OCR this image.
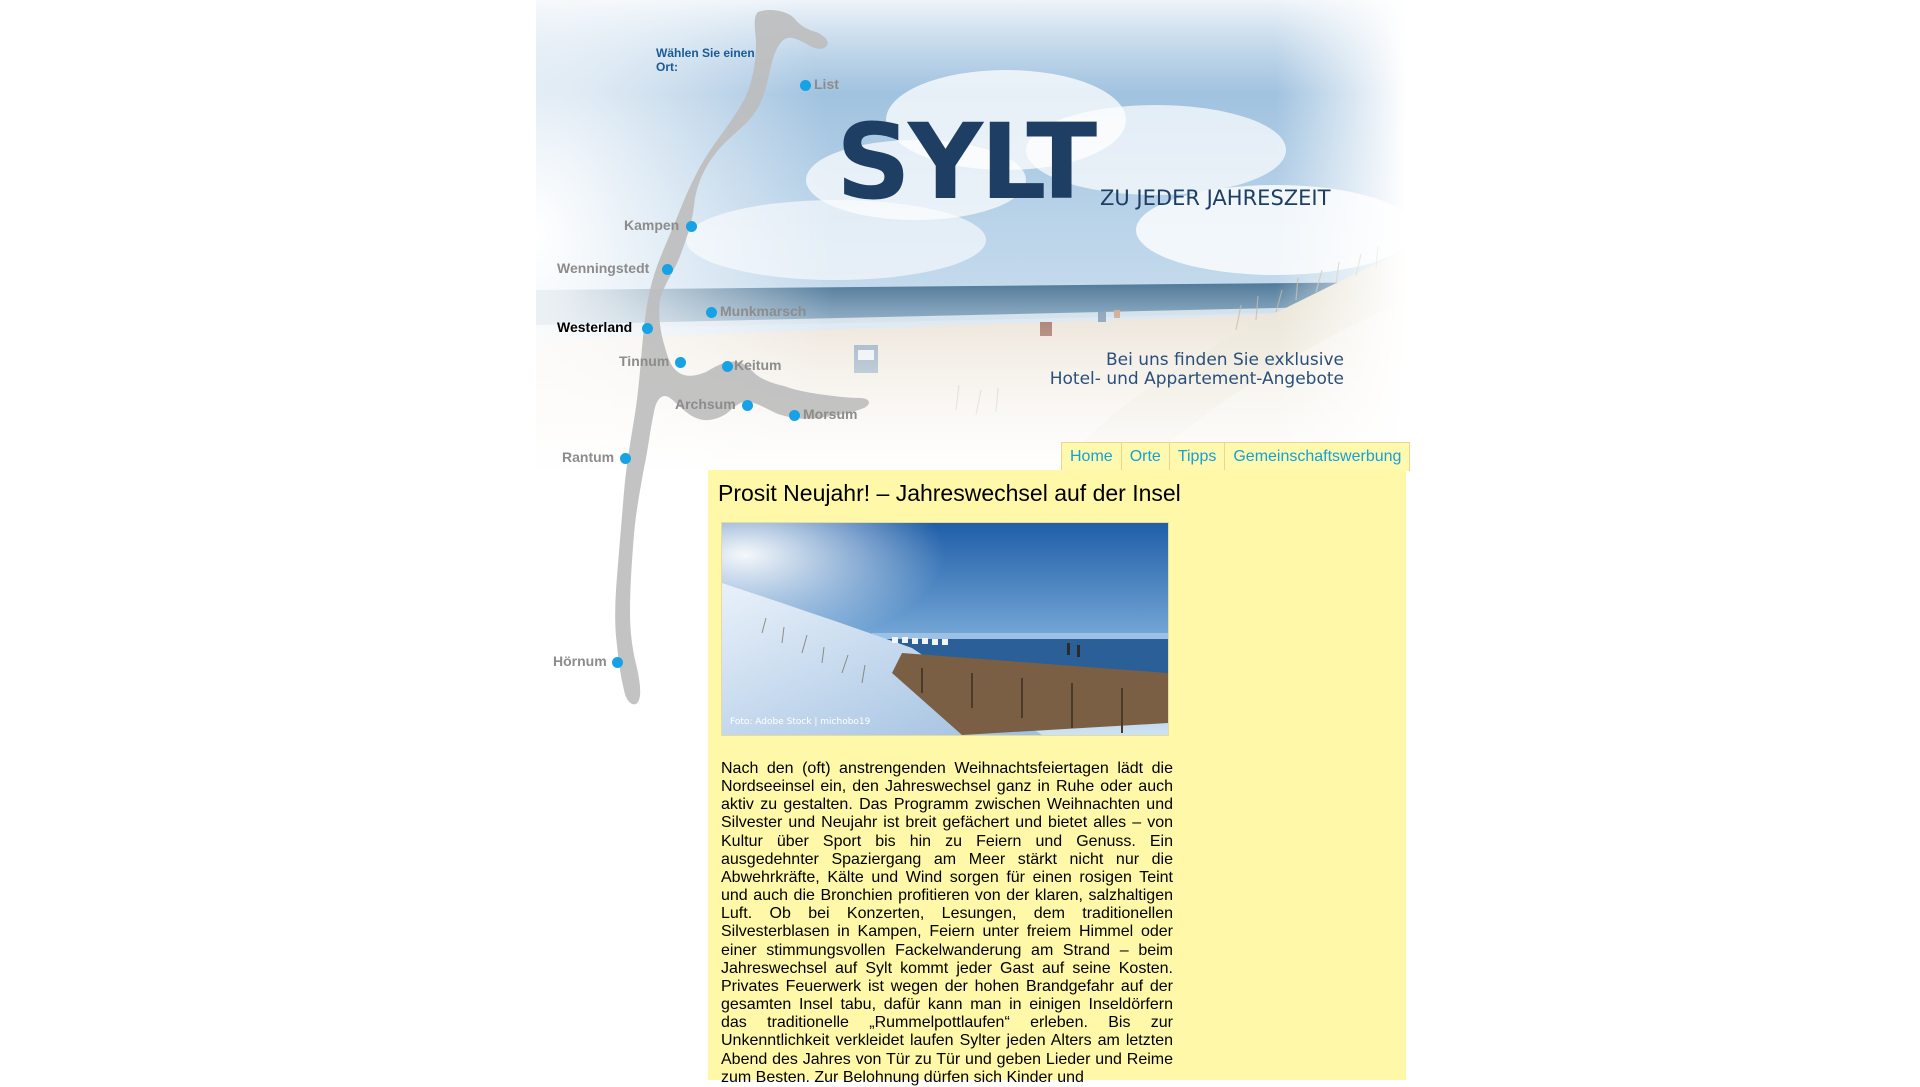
SYLT ZU JEDER JAHRESZEIT
Bei uns finden Sie exklusive
Hotel- und Appartement-Angebote
Wählen Sie einen Ort:
List
Kampen
Wenningstedt
Munkmarsch
Westerland
Tinnum	Keitum
Archsum
Morsum
Rantum
Hörnum
Home	Orte	Tipps	Gemeinschaftswerbung
Prosit Neujahr! – Jahreswechsel auf der Insel
Foto: Adobe Stock | michobo19
Nach den (oft) anstrengenden Weihnachtsfeiertagen lädt die Nordseeinsel ein, den Jahreswechsel ganz in Ruhe oder auch aktiv zu gestalten. Das Programm zwischen Weihnachten und Silvester und Neujahr ist breit gefächert und bietet alles – von Kultur über Sport bis hin zu Feiern und Genuss. Ein ausgedehnter Spaziergang am Meer stärkt nicht nur die Abwehrkräfte, Kälte und Wind sorgen für einen rosigen Teint und auch die Bronchien profitieren von der klaren, salzhaltigen Luft. Ob bei Konzerten, Lesungen, dem traditionellen Silvesterblasen in Kampen, Feiern unter freiem Himmel oder einer stimmungsvollen Fackelwanderung am Strand – beim Jahreswechsel auf Sylt kommt jeder Gast auf seine Kosten. Privates Feuerwerk ist wegen der hohen Brandgefahr auf der gesamten Insel tabu, dafür kann man in einigen Inseldörfern das traditionelle „Rummelpottlaufen“ erleben. Bis zur Unkenntlichkeit verkleidet laufen Sylter jeden Alters am letzten Abend des Jahres von Tür zu Tür und geben Lieder und Reime zum Besten. Zur Belohnung dürfen sich Kinder und
